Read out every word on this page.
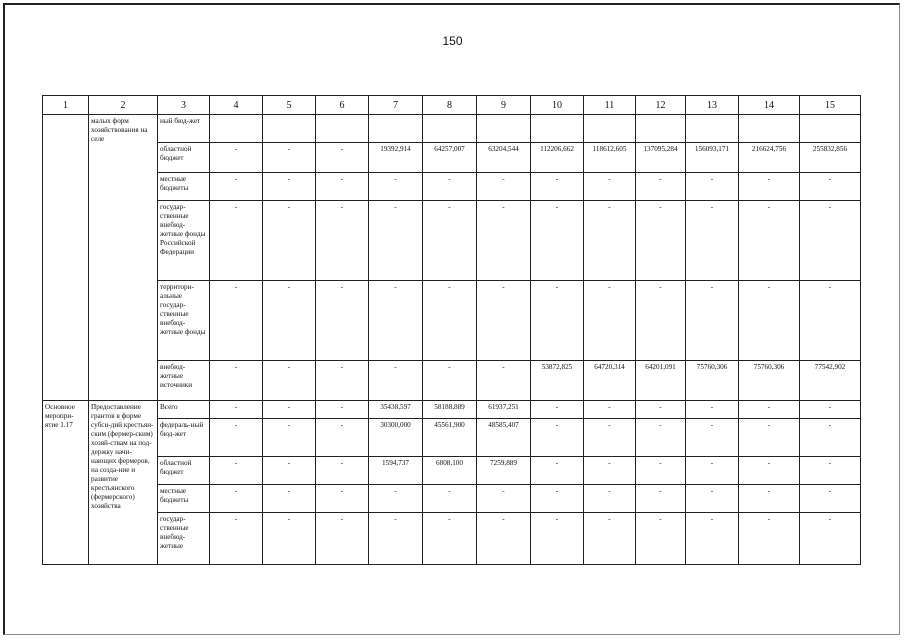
150
1	2	3	4	5	6	7	8	9	10	11	12	13	14	15
	малых форм хозяйствования на селе	ный бюд-жет												
		областной бюджет	-	-	-	19392,914	64257,007	63204,544	112206,662	118612,605	137095,284	156093,171	216624,756	255832,856
		местные бюджеты	-	-	-	-	-	-	-	-	-	-	-	-
		государ-ственные внебюд-жетные фонды Российской Федерации	-	-	-	-	-	-	-	-	-	-	-	-
		территори-альные государ-ственные внебюд-жетные фонды	-	-	-	-	-	-	-	-	-	-	-	-
		внебюд-жетные источники	-	-	-	-	-	-	53872,825	64720,314	64201,091	75760,306	75760,306	77542,902
Основное меропри-ятие 1.17	Предоставление грантов в форме субси-дий крестьян-ским (фермер-ским) хозяй-ствам на под-держку начи-нающих фермеров, на созда-ние и развитие крестьянского (фермерского) хозяйства	Всего	-	-	-	35438,597	58188,889	61937,251	-	-	-	-	-	-
		федераль-ный бюд-жет	-	-	-	30300,000	45561,900	48585,407	-	-	-	-	-	-
		областной бюджет	-	-	-	1594,737	6808,100	7259,889	-	-	-	-	-	-
		местные бюджеты	-	-	-	-	-	-	-	-	-	-	-	-
		государ-ственные внебюд-жетные	-	-	-	-	-	-	-	-	-	-	-	-
